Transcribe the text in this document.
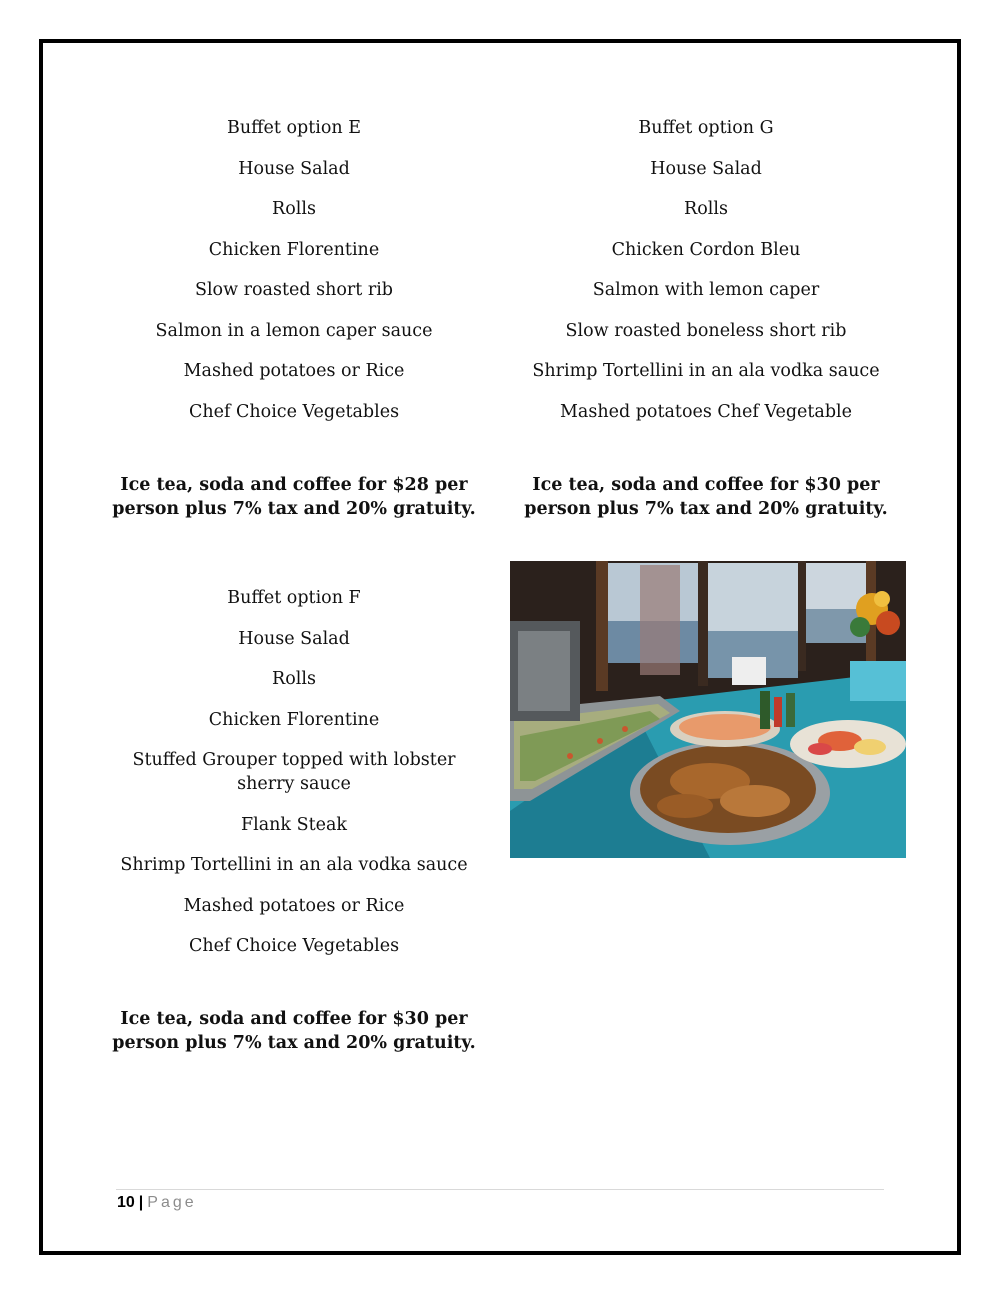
Buffet option E
House Salad
Rolls
Chicken Florentine
Slow roasted short rib
Salmon in a lemon caper sauce
Mashed potatoes or Rice
Chef Choice Vegetables
Ice tea, soda and coffee for $28 per
person plus 7% tax and 20% gratuity.
Buffet option G
House Salad
Rolls
Chicken Cordon Bleu
Salmon with lemon caper
Slow roasted boneless short rib
Shrimp Tortellini in an ala vodka sauce
Mashed potatoes Chef Vegetable
Ice tea, soda and coffee for $30 per
person plus 7% tax and 20% gratuity.
Buffet option F
House Salad
Rolls
Chicken Florentine
Stuffed Grouper topped with lobster
sherry sauce
Flank Steak
Shrimp Tortellini in an ala vodka sauce
Mashed potatoes or Rice
Chef Choice Vegetables
Ice tea, soda and coffee for $30 per
person plus 7% tax and 20% gratuity.
10 | Page
